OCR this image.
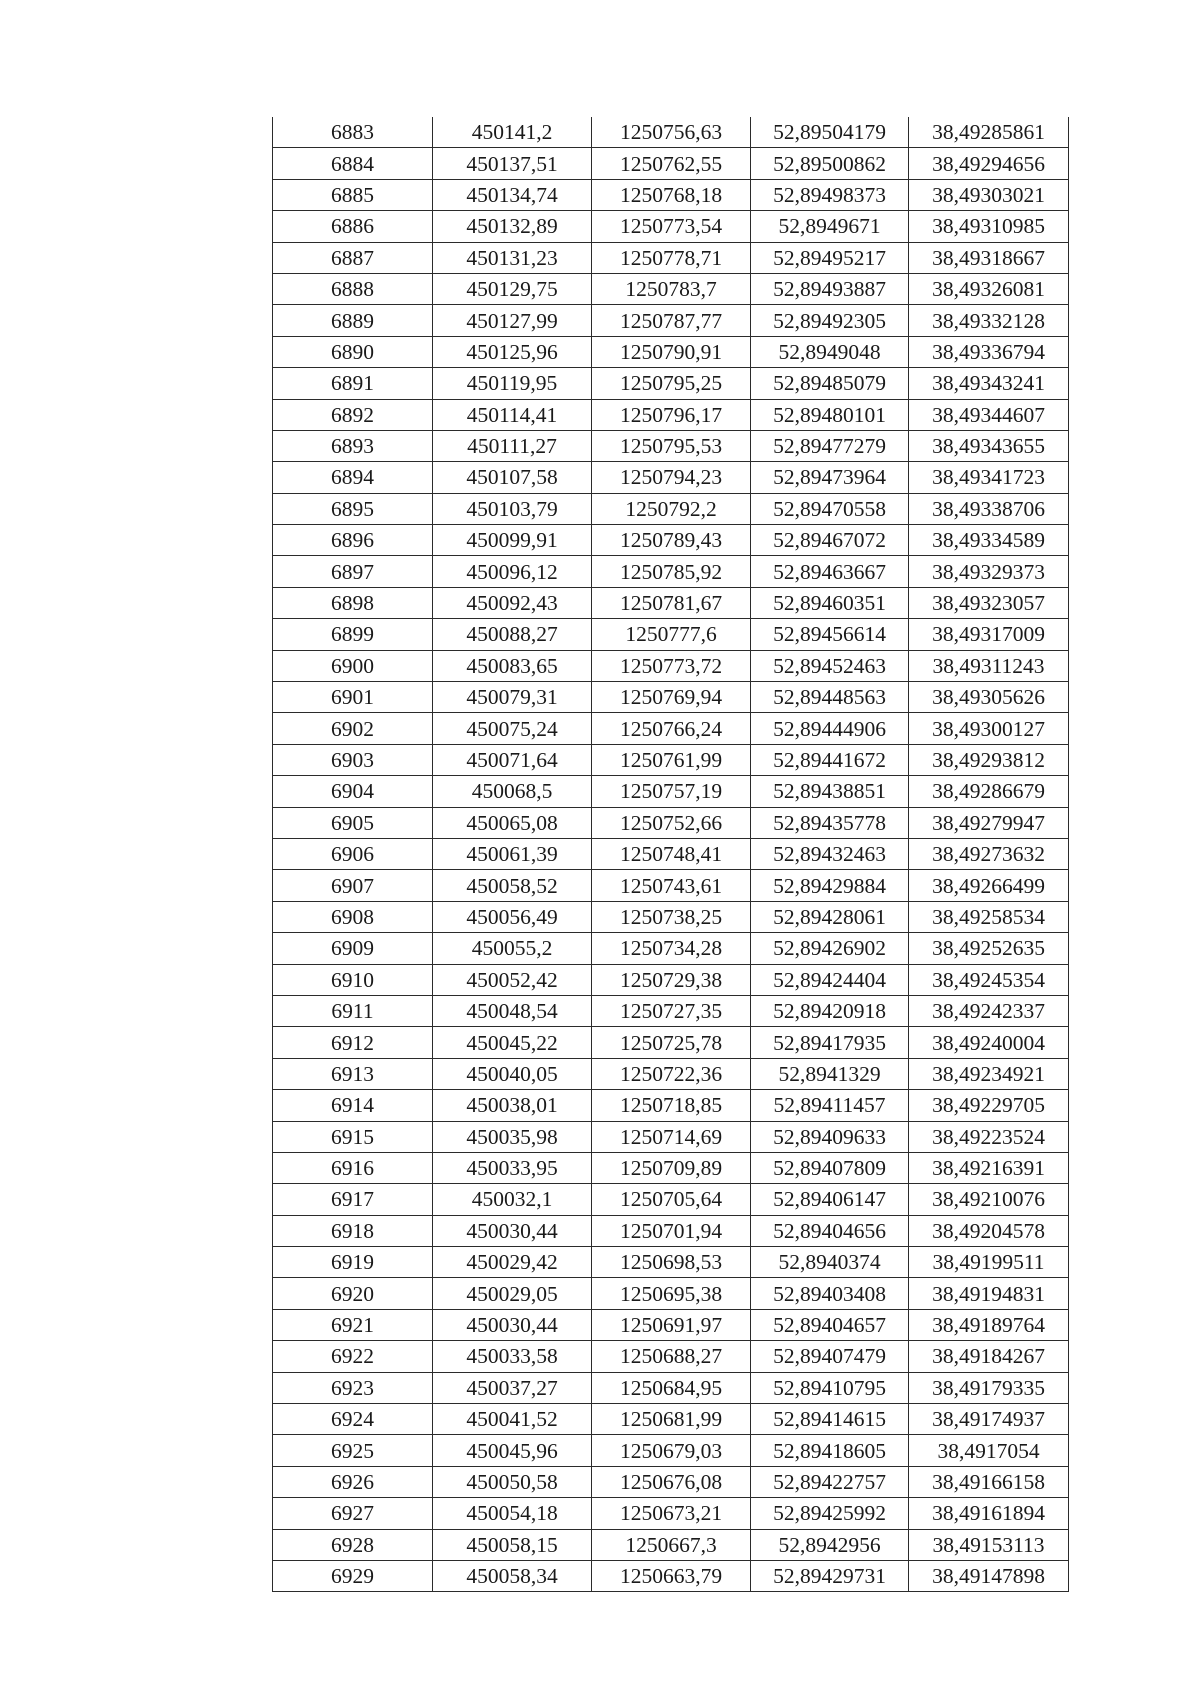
6883	450141,2	1250756,63	52,89504179	38,49285861
6884	450137,51	1250762,55	52,89500862	38,49294656
6885	450134,74	1250768,18	52,89498373	38,49303021
6886	450132,89	1250773,54	52,8949671	38,49310985
6887	450131,23	1250778,71	52,89495217	38,49318667
6888	450129,75	1250783,7	52,89493887	38,49326081
6889	450127,99	1250787,77	52,89492305	38,49332128
6890	450125,96	1250790,91	52,8949048	38,49336794
6891	450119,95	1250795,25	52,89485079	38,49343241
6892	450114,41	1250796,17	52,89480101	38,49344607
6893	450111,27	1250795,53	52,89477279	38,49343655
6894	450107,58	1250794,23	52,89473964	38,49341723
6895	450103,79	1250792,2	52,89470558	38,49338706
6896	450099,91	1250789,43	52,89467072	38,49334589
6897	450096,12	1250785,92	52,89463667	38,49329373
6898	450092,43	1250781,67	52,89460351	38,49323057
6899	450088,27	1250777,6	52,89456614	38,49317009
6900	450083,65	1250773,72	52,89452463	38,49311243
6901	450079,31	1250769,94	52,89448563	38,49305626
6902	450075,24	1250766,24	52,89444906	38,49300127
6903	450071,64	1250761,99	52,89441672	38,49293812
6904	450068,5	1250757,19	52,89438851	38,49286679
6905	450065,08	1250752,66	52,89435778	38,49279947
6906	450061,39	1250748,41	52,89432463	38,49273632
6907	450058,52	1250743,61	52,89429884	38,49266499
6908	450056,49	1250738,25	52,89428061	38,49258534
6909	450055,2	1250734,28	52,89426902	38,49252635
6910	450052,42	1250729,38	52,89424404	38,49245354
6911	450048,54	1250727,35	52,89420918	38,49242337
6912	450045,22	1250725,78	52,89417935	38,49240004
6913	450040,05	1250722,36	52,8941329	38,49234921
6914	450038,01	1250718,85	52,89411457	38,49229705
6915	450035,98	1250714,69	52,89409633	38,49223524
6916	450033,95	1250709,89	52,89407809	38,49216391
6917	450032,1	1250705,64	52,89406147	38,49210076
6918	450030,44	1250701,94	52,89404656	38,49204578
6919	450029,42	1250698,53	52,8940374	38,49199511
6920	450029,05	1250695,38	52,89403408	38,49194831
6921	450030,44	1250691,97	52,89404657	38,49189764
6922	450033,58	1250688,27	52,89407479	38,49184267
6923	450037,27	1250684,95	52,89410795	38,49179335
6924	450041,52	1250681,99	52,89414615	38,49174937
6925	450045,96	1250679,03	52,89418605	38,4917054
6926	450050,58	1250676,08	52,89422757	38,49166158
6927	450054,18	1250673,21	52,89425992	38,49161894
6928	450058,15	1250667,3	52,8942956	38,49153113
6929	450058,34	1250663,79	52,89429731	38,49147898
